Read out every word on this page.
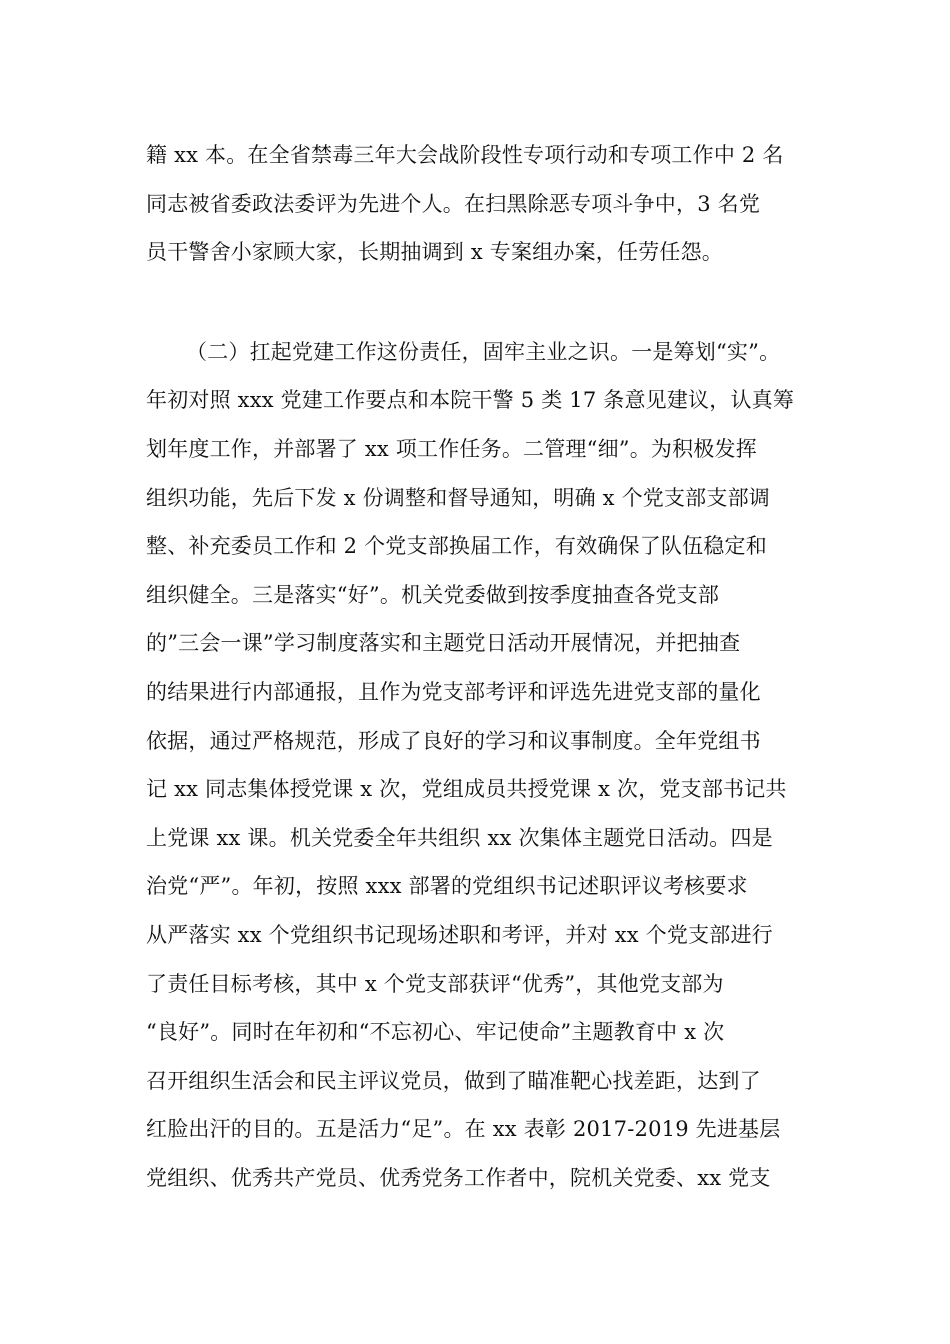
籍 xx 本。在全省禁毒三年大会战阶段性专项行动和专项工作中 2 名
同志被省委政法委评为先进个人。在扫黑除恶专项斗争中，3 名党
员干警舍小家顾大家，长期抽调到 x 专案组办案，任劳任怨。
（二）扛起党建工作这份责任，固牢主业之识。一是筹划“实”。
年初对照 xxx 党建工作要点和本院干警 5 类 17 条意见建议，认真筹
划年度工作，并部署了 xx 项工作任务。二管理“细”。为积极发挥
组织功能，先后下发 x 份调整和督导通知，明确 x 个党支部支部调
整、补充委员工作和 2 个党支部换届工作，有效确保了队伍稳定和
组织健全。三是落实“好”。机关党委做到按季度抽查各党支部
的”三会一课”学习制度落实和主题党日活动开展情况，并把抽查
的结果进行内部通报，且作为党支部考评和评选先进党支部的量化
依据，通过严格规范，形成了良好的学习和议事制度。全年党组书
记 xx 同志集体授党课 x 次，党组成员共授党课 x 次，党支部书记共
上党课 xx 课。机关党委全年共组织 xx 次集体主题党日活动。四是
治党“严”。年初，按照 xxx 部署的党组织书记述职评议考核要求
从严落实 xx 个党组织书记现场述职和考评，并对 xx 个党支部进行
了责任目标考核，其中 x 个党支部获评“优秀”，其他党支部为
“良好”。同时在年初和“不忘初心、牢记使命”主题教育中 x 次
召开组织生活会和民主评议党员，做到了瞄准靶心找差距，达到了
红脸出汗的目的。五是活力“足”。在 xx 表彰 2017-2019 先进基层
党组织、优秀共产党员、优秀党务工作者中，院机关党委、xx 党支
